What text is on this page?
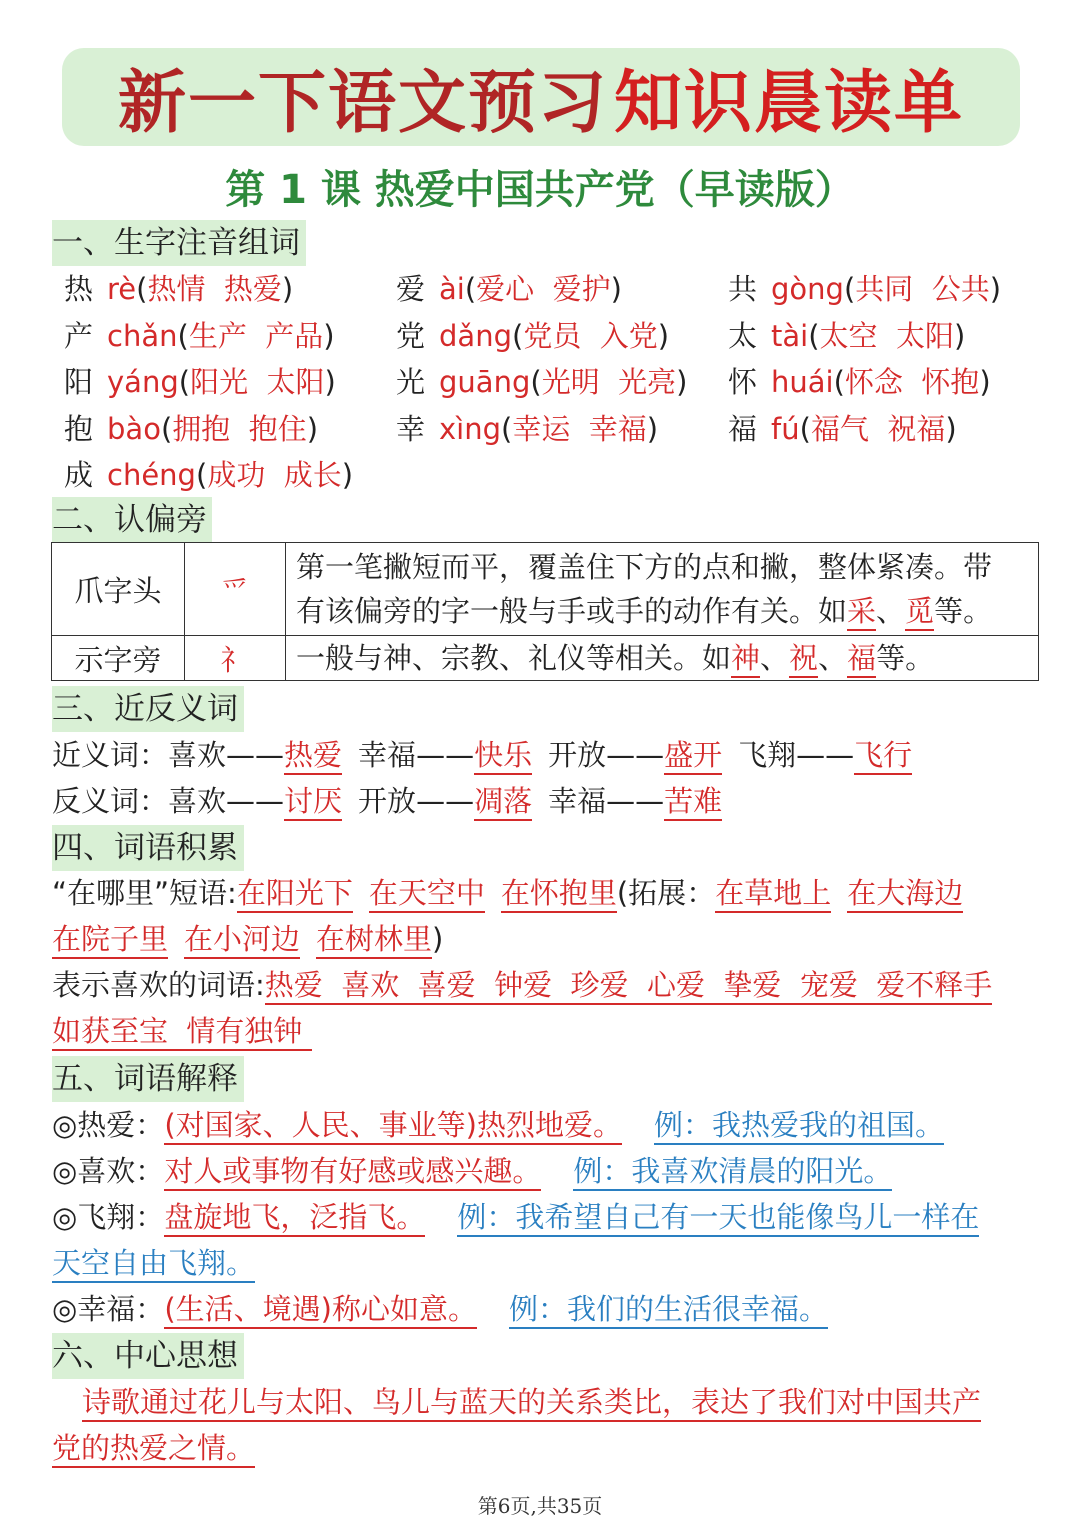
新一下语文预习 知识晨读单
第 1 课 热爱中国共产党（早读版）
一、生字注音组词
热 rè(热情  热爱)	爱 ài(爱心  爱护)	共 gòng(共同  公共)
产 chǎn(生产  产品) 党 dǎng(党员  入党) 太 tài(太空  太阳)
阳 yáng(阳光  太阳) 光 guāng(光明  光亮) 怀 huái(怀念  怀抱)
抱 bào(拥抱  抱住)	幸 xìng(幸运  幸福) 福 fú(福气  祝福)
成 chéng(成功  成长)
二、认偏旁
爪字头	爫	第一笔撇短而平，覆盖住下方的点和撇，整体紧凑。带
有该偏旁的字一般与手或手的动作有关。如采、觅等。
示字旁	礻	一般与神、宗教、礼仪等相关。如神、祝、福等。
三、近反义词
近义词：喜欢——热爱 幸福——快乐 开放——盛开 飞翔——飞行
反义词：喜欢——讨厌 开放——凋落 幸福——苦难
四、词语积累
“在哪里”短语:在阳光下 在天空中 在怀抱里(拓展：在草地上 在大海边
在院子里 在小河边 在树林里)
表示喜欢的词语:热爱  喜欢  喜爱  钟爱  珍爱  心爱  挚爱  宠爱  爱不释手
如获至宝  情有独钟
五、词语解释
◎热爱：(对国家、人民、事业等)热烈地爱。 例：我热爱我的祖国。
◎喜欢：对人或事物有好感或感兴趣。 例：我喜欢清晨的阳光。
◎飞翔：盘旋地飞，泛指飞。 例：我希望自己有一天也能像鸟儿一样在
天空自由飞翔。
◎幸福：(生活、境遇)称心如意。 例：我们的生活很幸福。
六、中心思想
诗歌通过花儿与太阳、鸟儿与蓝天的关系类比，表达了我们对中国共产
党的热爱之情。
第6页,共35页
